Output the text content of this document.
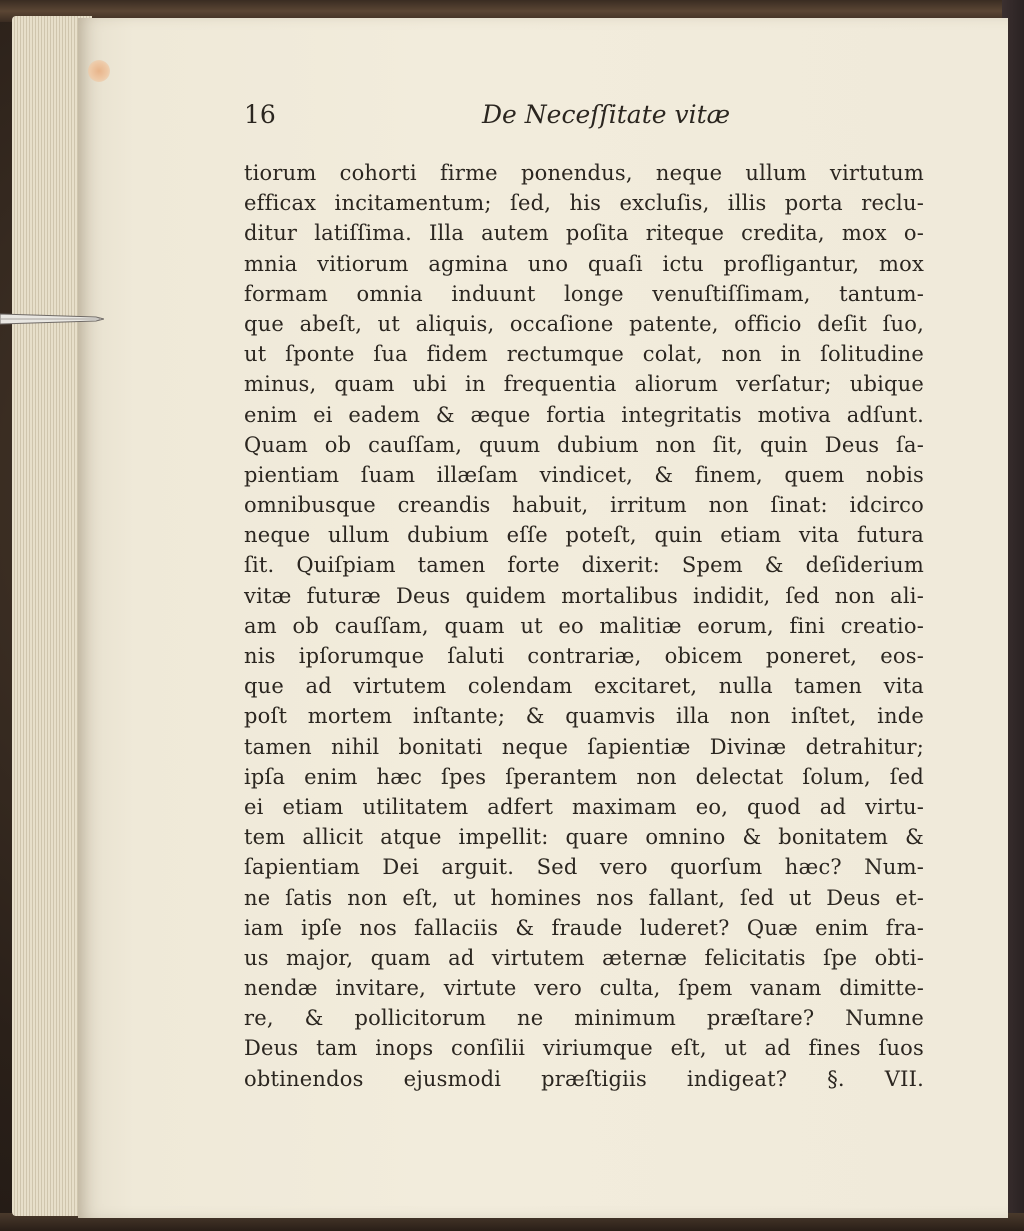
16	De Neceſſitate vitæ
tiorum cohorti firme ponendus, neque ullum virtutum
efficax incitamentum; ſed, his excluſis, illis porta reclu-
ditur latiſſima. Illa autem poſita riteque credita, mox o-
mnia vitiorum agmina uno quaſi ictu profligantur, mox
formam omnia induunt longe venuſtiſſimam, tantum-
que abeſt, ut aliquis, occaſione patente, officio deſit ſuo,
ut ſponte ſua fidem rectumque colat, non in ſolitudine
minus, quam ubi in frequentia aliorum verſatur; ubique
enim ei eadem & æque fortia integritatis motiva adſunt.
Quam ob cauſſam, quum dubium non ſit, quin Deus ſa-
pientiam ſuam illæſam vindicet, & finem, quem nobis
omnibusque creandis habuit, irritum non ſinat: idcirco
neque ullum dubium eſſe poteſt, quin etiam vita futura
ſit. Quiſpiam tamen forte dixerit: Spem & deſiderium
vitæ futuræ Deus quidem mortalibus indidit, ſed non ali-
am ob cauſſam, quam ut eo malitiæ eorum, fini creatio-
nis ipſorumque ſaluti contrariæ, obicem poneret, eos-
que ad virtutem colendam excitaret, nulla tamen vita
poſt mortem inſtante; & quamvis illa non inſtet, inde
tamen nihil bonitati neque ſapientiæ Divinæ detrahitur;
ipſa enim hæc ſpes ſperantem non delectat ſolum, ſed
ei etiam utilitatem adfert maximam eo, quod ad virtu-
tem allicit atque impellit: quare omnino & bonitatem &
ſapientiam Dei arguit. Sed vero quorſum hæc? Num-
ne ſatis non eſt, ut homines nos fallant, ſed ut Deus et-
iam ipſe nos fallaciis & fraude luderet? Quæ enim fra-
us major, quam ad virtutem æternæ felicitatis ſpe obti-
nendæ invitare, virtute vero culta, ſpem vanam dimitte-
re, & pollicitorum ne minimum præſtare? Numne
Deus tam inops conſilii viriumque eſt, ut ad fines ſuos
obtinendos ejusmodi præſtigiis indigeat? §. VII.
